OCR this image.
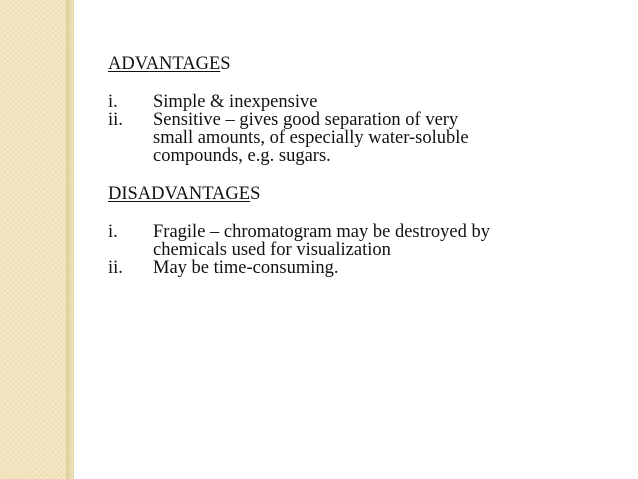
ADVANTAGES
i.	Simple & inexpensive
ii.	Sensitive – gives good separation of very
small amounts, of especially water-soluble
compounds, e.g. sugars.
DISADVANTAGES
i.	Fragile – chromatogram may be destroyed by
chemicals used for visualization
ii.	May be time-consuming.
